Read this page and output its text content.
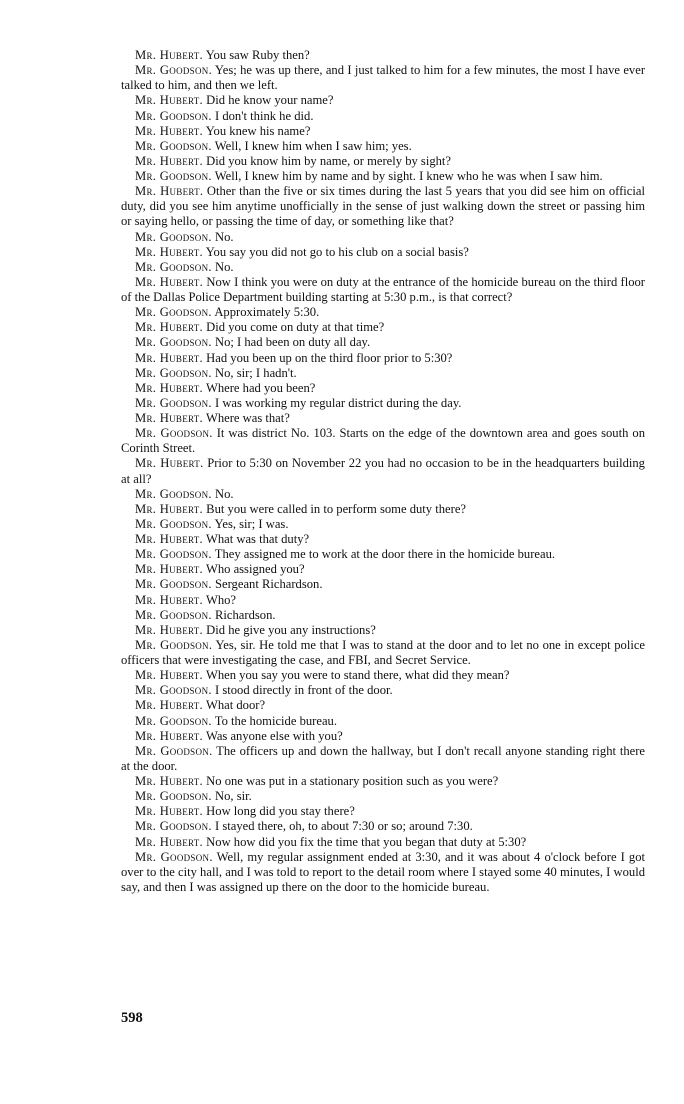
Mr. Hubert. You saw Ruby then?

Mr. Goodson. Yes; he was up there, and I just talked to him for a few minutes, the most I have ever talked to him, and then we left.

Mr. Hubert. Did he know your name?

Mr. Goodson. I don't think he did.

Mr. Hubert. You knew his name?

Mr. Goodson. Well, I knew him when I saw him; yes.

Mr. Hubert. Did you know him by name, or merely by sight?

Mr. Goodson. Well, I knew him by name and by sight. I knew who he was when I saw him.

Mr. Hubert. Other than the five or six times during the last 5 years that you did see him on official duty, did you see him anytime unofficially in the sense of just walking down the street or passing him or saying hello, or passing the time of day, or something like that?

Mr. Goodson. No.

Mr. Hubert. You say you did not go to his club on a social basis?

Mr. Goodson. No.

Mr. Hubert. Now I think you were on duty at the entrance of the homicide bureau on the third floor of the Dallas Police Department building starting at 5:30 p.m., is that correct?

Mr. Goodson. Approximately 5:30.

Mr. Hubert. Did you come on duty at that time?

Mr. Goodson. No; I had been on duty all day.

Mr. Hubert. Had you been up on the third floor prior to 5:30?

Mr. Goodson. No, sir; I hadn't.

Mr. Hubert. Where had you been?

Mr. Goodson. I was working my regular district during the day.

Mr. Hubert. Where was that?

Mr. Goodson. It was district No. 103. Starts on the edge of the downtown area and goes south on Corinth Street.

Mr. Hubert. Prior to 5:30 on November 22 you had no occasion to be in the headquarters building at all?

Mr. Goodson. No.

Mr. Hubert. But you were called in to perform some duty there?

Mr. Goodson. Yes, sir; I was.

Mr. Hubert. What was that duty?

Mr. Goodson. They assigned me to work at the door there in the homicide bureau.

Mr. Hubert. Who assigned you?

Mr. Goodson. Sergeant Richardson.

Mr. Hubert. Who?

Mr. Goodson. Richardson.

Mr. Hubert. Did he give you any instructions?

Mr. Goodson. Yes, sir. He told me that I was to stand at the door and to let no one in except police officers that were investigating the case, and FBI, and Secret Service.

Mr. Hubert. When you say you were to stand there, what did they mean?

Mr. Goodson. I stood directly in front of the door.

Mr. Hubert. What door?

Mr. Goodson. To the homicide bureau.

Mr. Hubert. Was anyone else with you?

Mr. Goodson. The officers up and down the hallway, but I don't recall anyone standing right there at the door.

Mr. Hubert. No one was put in a stationary position such as you were?

Mr. Goodson. No, sir.

Mr. Hubert. How long did you stay there?

Mr. Goodson. I stayed there, oh, to about 7:30 or so; around 7:30.

Mr. Hubert. Now how did you fix the time that you began that duty at 5:30?

Mr. Goodson. Well, my regular assignment ended at 3:30, and it was about 4 o'clock before I got over to the city hall, and I was told to report to the detail room where I stayed some 40 minutes, I would say, and then I was assigned up there on the door to the homicide bureau.

598
